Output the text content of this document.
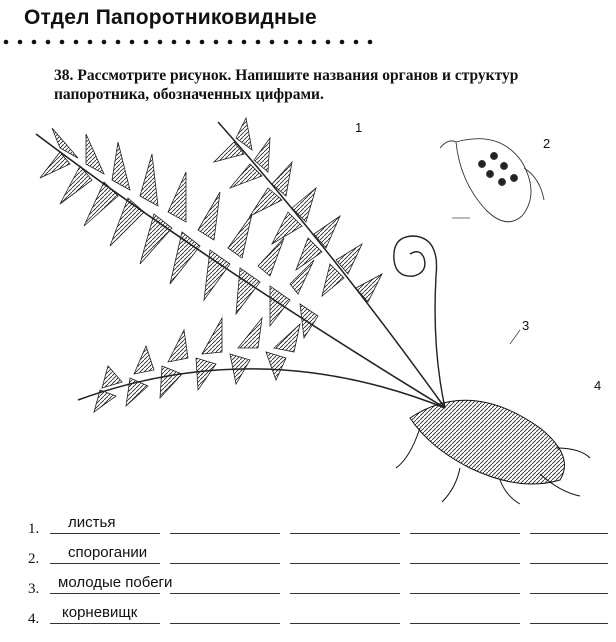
Отдел Папоротниковидные
38. Рассмотрите рисунок. Напишите названия органов и структур папоротника, обозначенных цифрами.
1
2
3
4
1. листья
2. спорогании
3. молодые побеги
4. корневищк
